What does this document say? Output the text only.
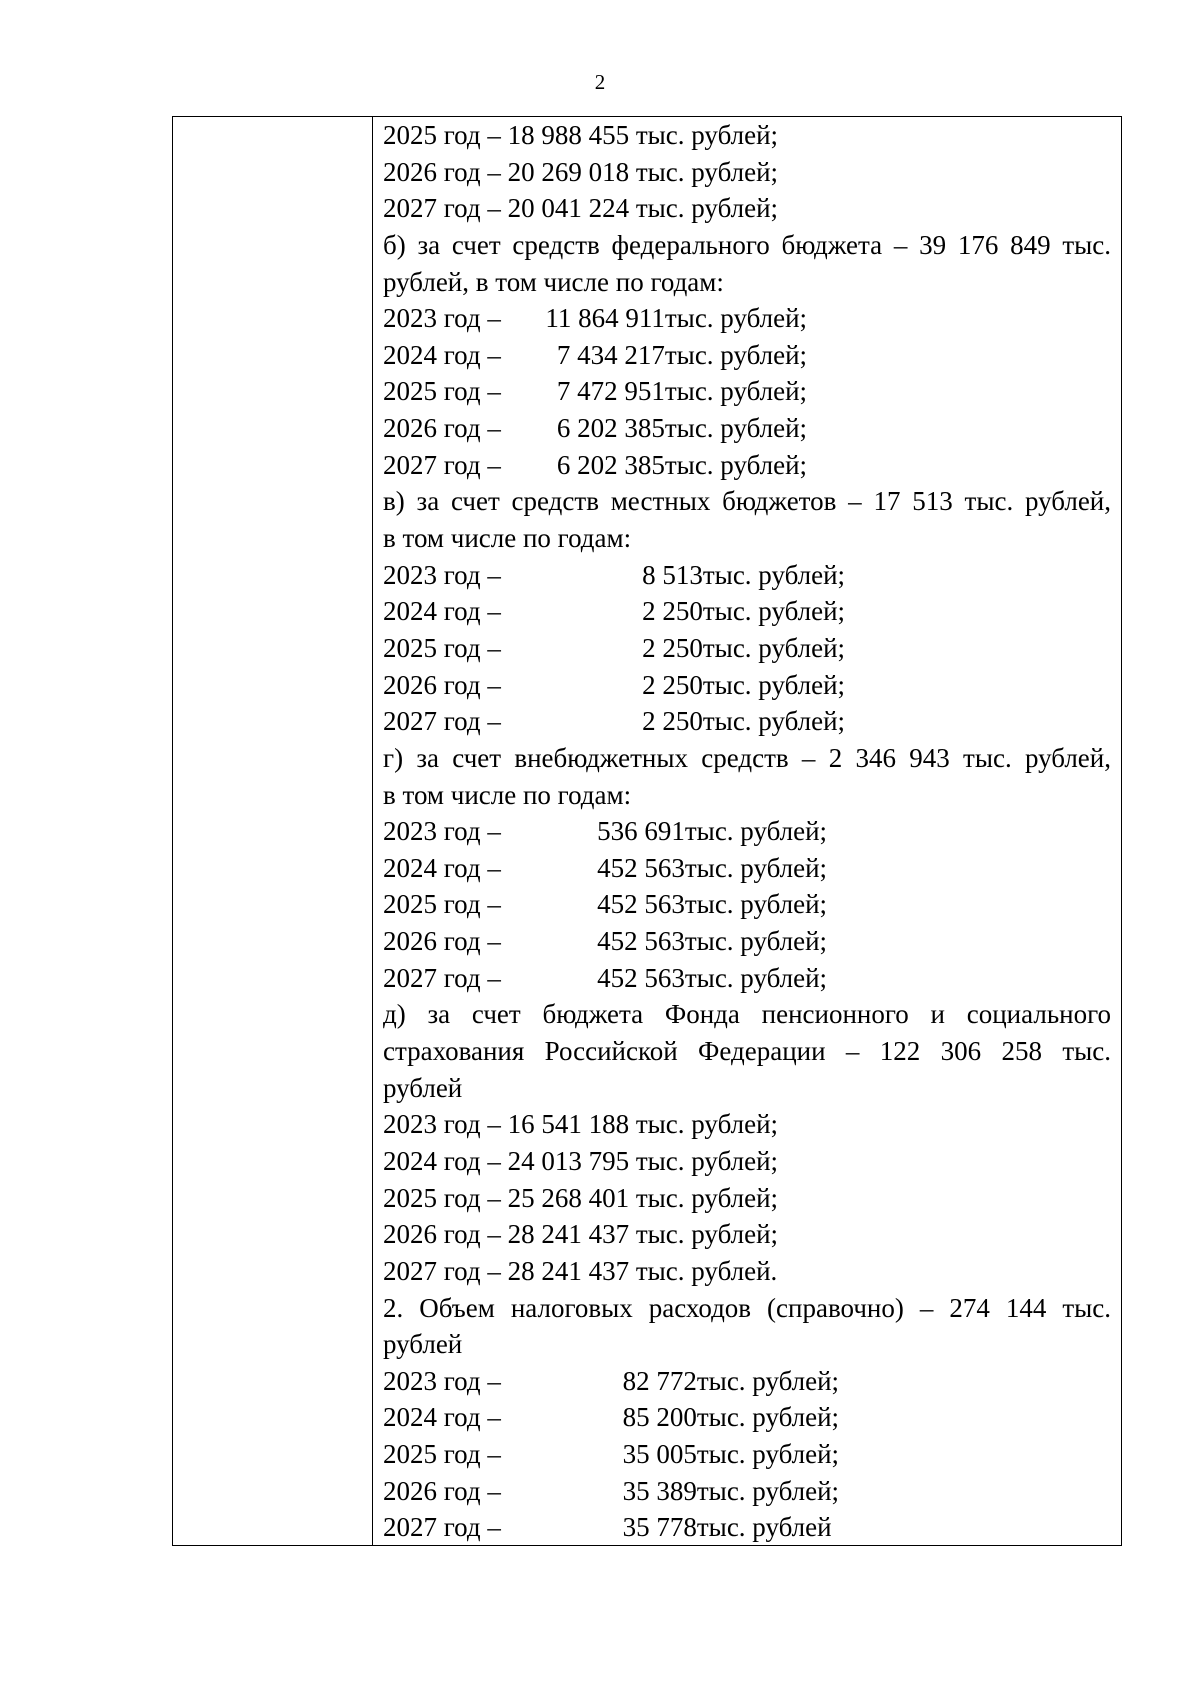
2
2025 год – 18 988 455 тыс. рублей;
2026 год – 20 269 018 тыс. рублей;
2027 год – 20 041 224 тыс. рублей;
б) за счет средств федерального бюджета – 39 176 849 тыс.
рублей, в том числе по годам:
2023 год –	11 864 911 тыс. рублей;
2024 год –	7 434 217 тыс. рублей;
2025 год –	7 472 951 тыс. рублей;
2026 год –	6 202 385 тыс. рублей;
2027 год –	6 202 385 тыс. рублей;
в) за счет средств местных бюджетов – 17 513 тыс. рублей,
в том числе по годам:
2023 год –	8 513 тыс. рублей;
2024 год –	2 250 тыс. рублей;
2025 год –	2 250 тыс. рублей;
2026 год –	2 250 тыс. рублей;
2027 год –	2 250 тыс. рублей;
г) за счет внебюджетных средств – 2 346 943 тыс. рублей,
в том числе по годам:
2023 год –	536 691 тыс. рублей;
2024 год –	452 563 тыс. рублей;
2025 год –	452 563 тыс. рублей;
2026 год –	452 563 тыс. рублей;
2027 год –	452 563 тыс. рублей;
д) за счет бюджета Фонда пенсионного и социального
страхования Российской Федерации – 122 306 258 тыс.
рублей
2023 год – 16 541 188 тыс. рублей;
2024 год – 24 013 795 тыс. рублей;
2025 год – 25 268 401 тыс. рублей;
2026 год – 28 241 437 тыс. рублей;
2027 год – 28 241 437 тыс. рублей.
2. Объем налоговых расходов (справочно) – 274 144 тыс.
рублей
2023 год –	82 772 тыс. рублей;
2024 год –	85 200 тыс. рублей;
2025 год –	35 005 тыс. рублей;
2026 год –	35 389 тыс. рублей;
2027 год –	35 778 тыс. рублей
